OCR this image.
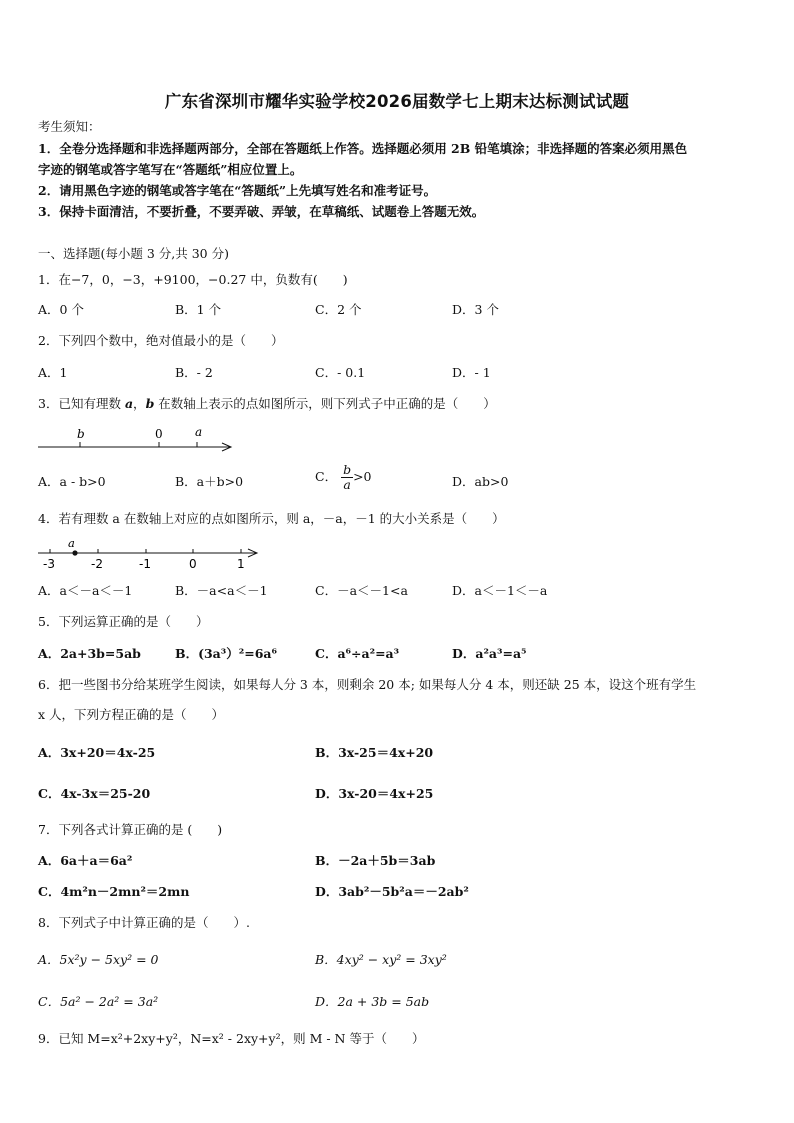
广东省深圳市耀华实验学校2026届数学七上期末达标测试试题
考生须知：
1．全卷分选择题和非选择题两部分，全部在答题纸上作答。选择题必须用 2B 铅笔填涂；非选择题的答案必须用黑色
字迹的钢笔或答字笔写在“答题纸”相应位置上。
2．请用黑色字迹的钢笔或答字笔在“答题纸”上先填写姓名和准考证号。
3．保持卡面清洁，不要折叠，不要弄破、弄皱，在草稿纸、试题卷上答题无效。
一、选择题(每小题 3 分,共 30 分)
1．在−7，0，−3，+9100，−0.27 中，负数有(　　)
A．0 个	B．1 个	C．2 个	D．3 个
2．下列四个数中，绝对值最小的是（　　）
A．1	B．- 2	C．- 0.1	D．- 1
3．已知有理数 a，b 在数轴上表示的点如图所示，则下列式子中正确的是（　　）
b	0	a
A．a - b>0	B．a＋b>0	C． $\frac{b}{a} >0$	D．ab>0
4．若有理数 a 在数轴上对应的点如图所示，则 a，－a，－1 的大小关系是（　　）
a
-3	-2	-1	0	1
A．a＜－a＜－1	B．－a<a＜－1	C．－a＜－1<a	D．a＜－1＜－a
5．下列运算正确的是（　　）
A．2a+3b=5ab	B．(3a³）²=6a⁶	C．a⁶÷a²=a³	D．a²a³=a⁵
6．把一些图书分给某班学生阅读，如果每人分 3 本，则剩余 20 本; 如果每人分 4 本，则还缺 25 本，设这个班有学生
x 人，下列方程正确的是（　　）
A．3x+20＝4x-25	B．3x-25＝4x+20
C．4x-3x＝25-20	D．3x-20＝4x+25
7．下列各式计算正确的是 (　　)
A．6a＋a＝6a²	B．－2a＋5b＝3ab
C．4m²n－2mn²＝2mn	D．3ab²－5b²a＝－2ab²
8．下列式子中计算正确的是（　　）.
A．5x²y − 5xy² = 0	B．4xy² − xy² = 3xy²
C．5a² − 2a² = 3a²	D．2a + 3b = 5ab
9．已知 M=x²+2xy+y²，N=x² - 2xy+y²，则 M - N 等于（　　）
